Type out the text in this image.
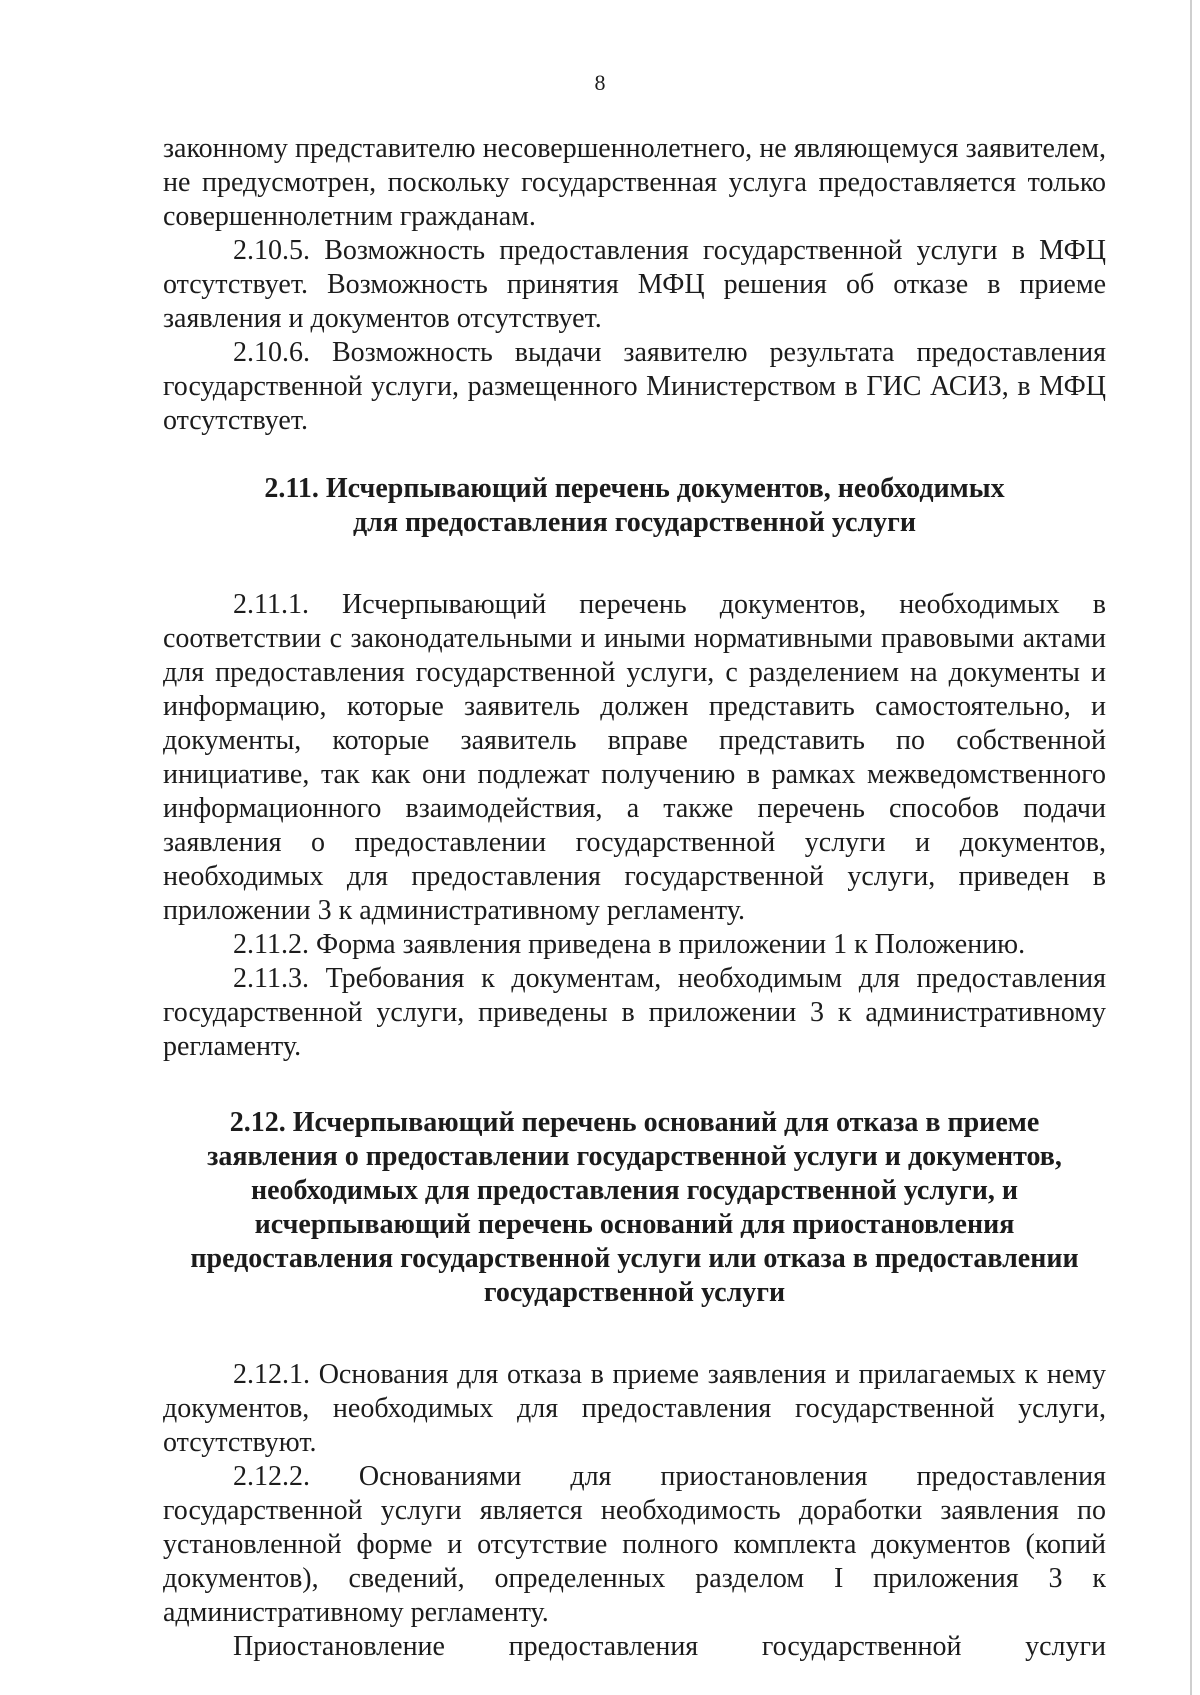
8

законному представителю несовершеннолетнего, не являющемуся заявителем, не предусмотрен, поскольку государственная услуга предоставляется только совершеннолетним гражданам.

2.10.5. Возможность предоставления государственной услуги в МФЦ отсутствует. Возможность принятия МФЦ решения об отказе в приеме заявления и документов отсутствует.

2.10.6. Возможность выдачи заявителю результата предоставления государственной услуги, размещенного Министерством в ГИС АСИЗ, в МФЦ отсутствует.

2.11. Исчерпывающий перечень документов, необходимых
для предоставления государственной услуги

2.11.1. Исчерпывающий перечень документов, необходимых в соответствии с законодательными и иными нормативными правовыми актами для предоставления государственной услуги, с разделением на документы и информацию, которые заявитель должен представить самостоятельно, и документы, которые заявитель вправе представить по собственной инициативе, так как они подлежат получению в рамках межведомственного информационного взаимодействия, а также перечень способов подачи заявления о предоставлении государственной услуги и документов, необходимых для предоставления государственной услуги, приведен в приложении 3 к административному регламенту.

2.11.2. Форма заявления приведена в приложении 1 к Положению.

2.11.3. Требования к документам, необходимым для предоставления государственной услуги, приведены в приложении 3 к административному регламенту.

2.12. Исчерпывающий перечень оснований для отказа в приеме
заявления о предоставлении государственной услуги и документов,
необходимых для предоставления государственной услуги, и
исчерпывающий перечень оснований для приостановления
предоставления государственной услуги или отказа в предоставлении
государственной услуги

2.12.1. Основания для отказа в приеме заявления и прилагаемых к нему документов, необходимых для предоставления государственной услуги, отсутствуют.

2.12.2. Основаниями для приостановления предоставления государственной услуги является необходимость доработки заявления по установленной форме и отсутствие полного комплекта документов (копий документов), сведений, определенных разделом I приложения 3 к административному регламенту.

Приостановление предоставления государственной услуги
